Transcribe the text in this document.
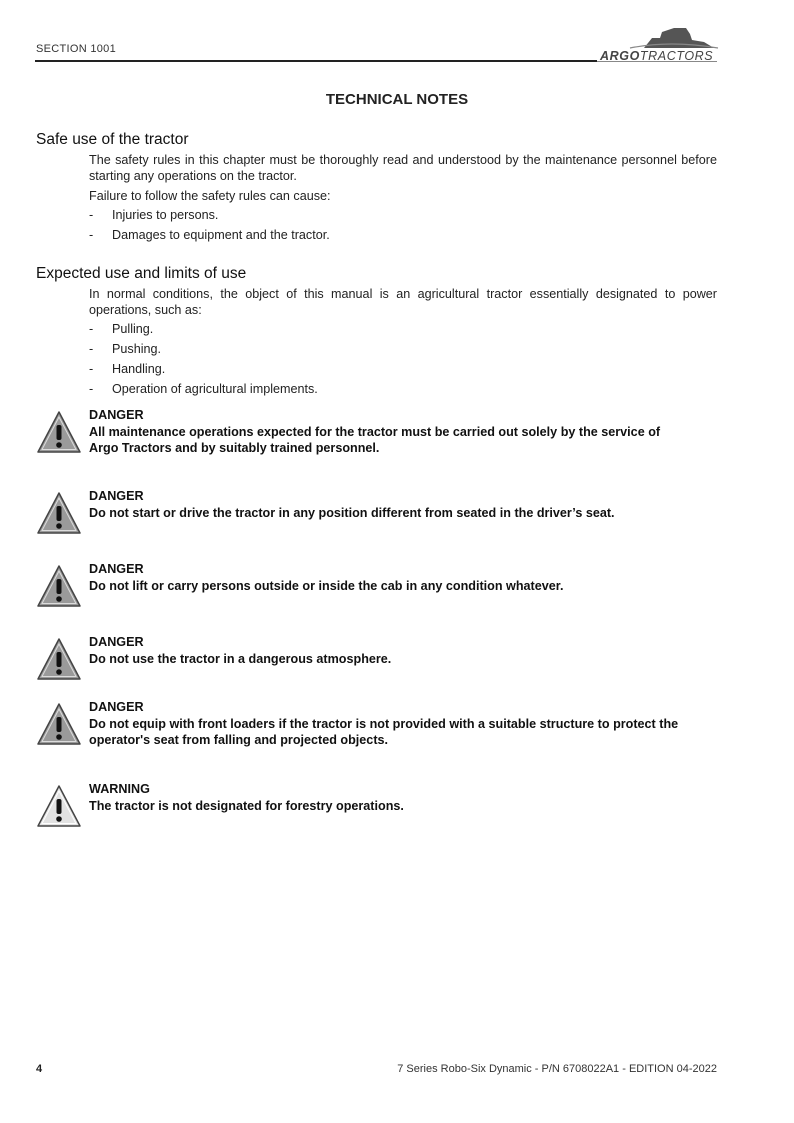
SECTION 1001	ARGOTRACTORS
TECHNICAL NOTES
Safe use of the tractor
The safety rules in this chapter must be thoroughly read and understood by the maintenance personnel before starting any operations on the tractor.
Failure to follow the safety rules can cause:
- Injuries to persons.
- Damages to equipment and the tractor.
Expected use and limits of use
In normal conditions, the object of this manual is an agricultural tractor essentially designated to power operations, such as:
- Pulling.
- Pushing.
- Handling.
- Operation of agricultural implements.
DANGER
All maintenance operations expected for the tractor must be carried out solely by the service of Argo Tractors and by suitably trained personnel.
DANGER
Do not start or drive the tractor in any position different from seated in the driver’s seat.
DANGER
Do not lift or carry persons outside or inside the cab in any condition whatever.
DANGER
Do not use the tractor in a dangerous atmosphere.
DANGER
Do not equip with front loaders if the tractor is not provided with a suitable structure to protect the operator's seat from falling and projected objects.
WARNING
The tractor is not designated for forestry operations.
4	7 Series Robo-Six Dynamic - P/N 6708022A1 - EDITION 04-2022
